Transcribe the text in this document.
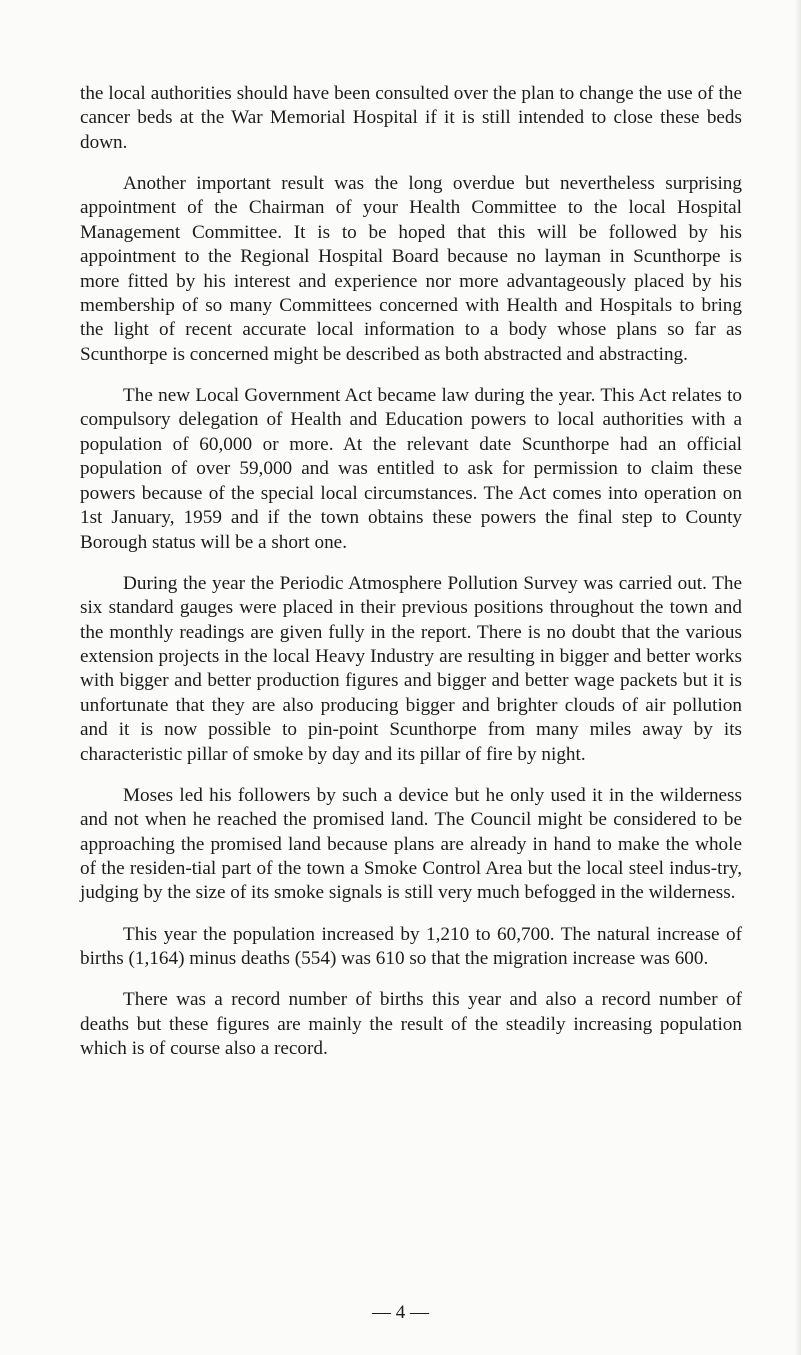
the local authorities should have been consulted over the plan to change the use of the cancer beds at the War Memorial Hospital if it is still intended to close these beds down.

Another important result was the long overdue but nevertheless surprising appointment of the Chairman of your Health Committee to the local Hospital Management Committee. It is to be hoped that this will be followed by his appointment to the Regional Hospital Board because no layman in Scunthorpe is more fitted by his interest and experience nor more advantageously placed by his membership of so many Committees concerned with Health and Hospitals to bring the light of recent accurate local information to a body whose plans so far as Scunthorpe is concerned might be described as both abstracted and abstracting.

The new Local Government Act became law during the year. This Act relates to compulsory delegation of Health and Education powers to local authorities with a population of 60,000 or more. At the relevant date Scunthorpe had an official population of over 59,000 and was entitled to ask for permission to claim these powers because of the special local circumstances. The Act comes into operation on 1st January, 1959 and if the town obtains these powers the final step to County Borough status will be a short one.

During the year the Periodic Atmosphere Pollution Survey was carried out. The six standard gauges were placed in their previous positions throughout the town and the monthly readings are given fully in the report. There is no doubt that the various extension projects in the local Heavy Industry are resulting in bigger and better works with bigger and better production figures and bigger and better wage packets but it is unfortunate that they are also producing bigger and brighter clouds of air pollution and it is now possible to pin-point Scunthorpe from many miles away by its characteristic pillar of smoke by day and its pillar of fire by night.

Moses led his followers by such a device but he only used it in the wilderness and not when he reached the promised land. The Council might be considered to be approaching the promised land because plans are already in hand to make the whole of the residen-tial part of the town a Smoke Control Area but the local steel indus-try, judging by the size of its smoke signals is still very much befogged in the wilderness.

This year the population increased by 1,210 to 60,700. The natural increase of births (1,164) minus deaths (554) was 610 so that the migration increase was 600.

There was a record number of births this year and also a record number of deaths but these figures are mainly the result of the steadily increasing population which is of course also a record.

— 4 —
